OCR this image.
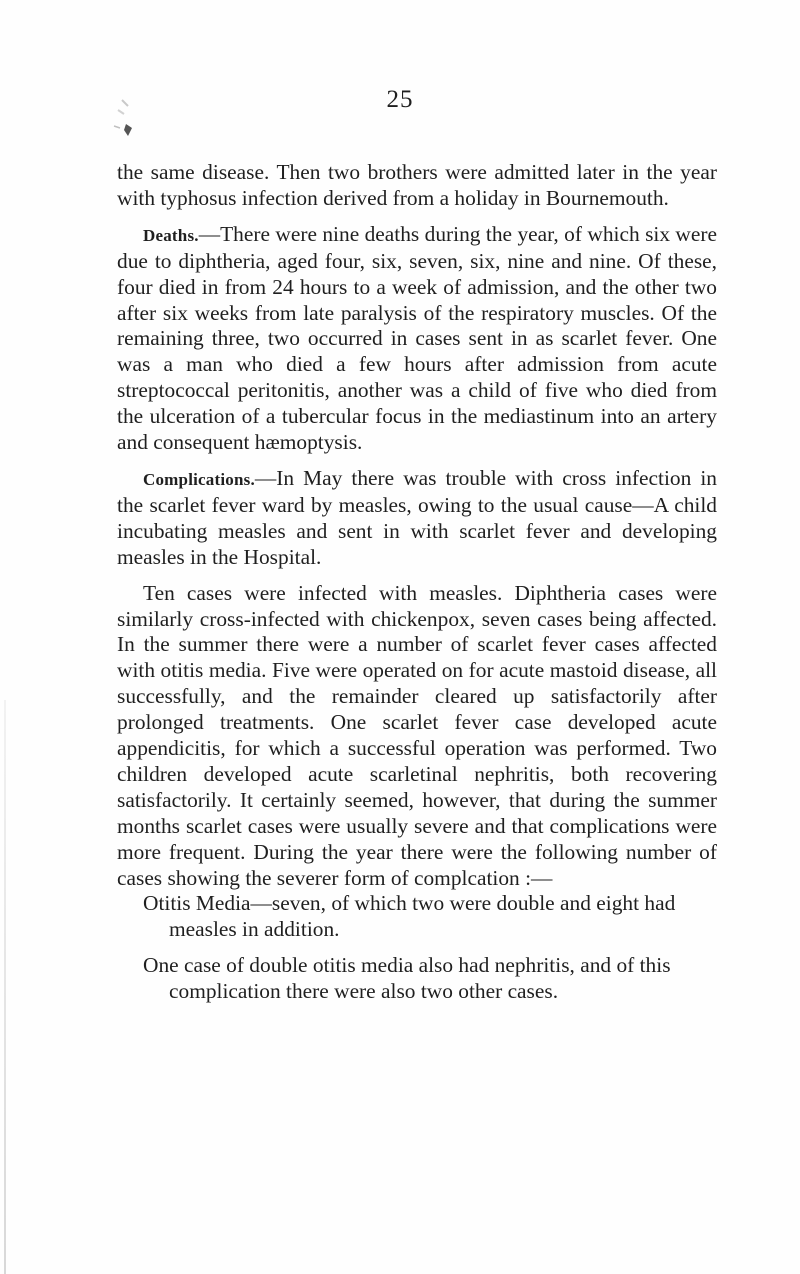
25

the same disease. Then two brothers were admitted later in the year with typhosus infection derived from a holiday in Bournemouth.

Deaths.—There were nine deaths during the year, of which six were due to diphtheria, aged four, six, seven, six, nine and nine. Of these, four died in from 24 hours to a week of admission, and the other two after six weeks from late paralysis of the respiratory muscles. Of the remaining three, two occurred in cases sent in as scarlet fever. One was a man who died a few hours after admission from acute streptococcal peritonitis, another was a child of five who died from the ulceration of a tubercular focus in the mediastinum into an artery and consequent hæmoptysis.

Complications.—In May there was trouble with cross infection in the scarlet fever ward by measles, owing to the usual cause—A child incubating measles and sent in with scarlet fever and developing measles in the Hospital.

Ten cases were infected with measles. Diphtheria cases were similarly cross-infected with chickenpox, seven cases being affected. In the summer there were a number of scarlet fever cases affected with otitis media. Five were operated on for acute mastoid disease, all successfully, and the remainder cleared up satisfactorily after prolonged treatments. One scarlet fever case developed acute appendicitis, for which a successful operation was performed. Two children developed acute scarletinal nephritis, both recovering satisfactorily. It certainly seemed, however, that during the summer months scarlet cases were usually severe and that complications were more frequent. During the year there were the following number of cases showing the severer form of complcation :—

Otitis Media—seven, of which two were double and eight had measles in addition.

One case of double otitis media also had nephritis, and of this complication there were also two other cases.
